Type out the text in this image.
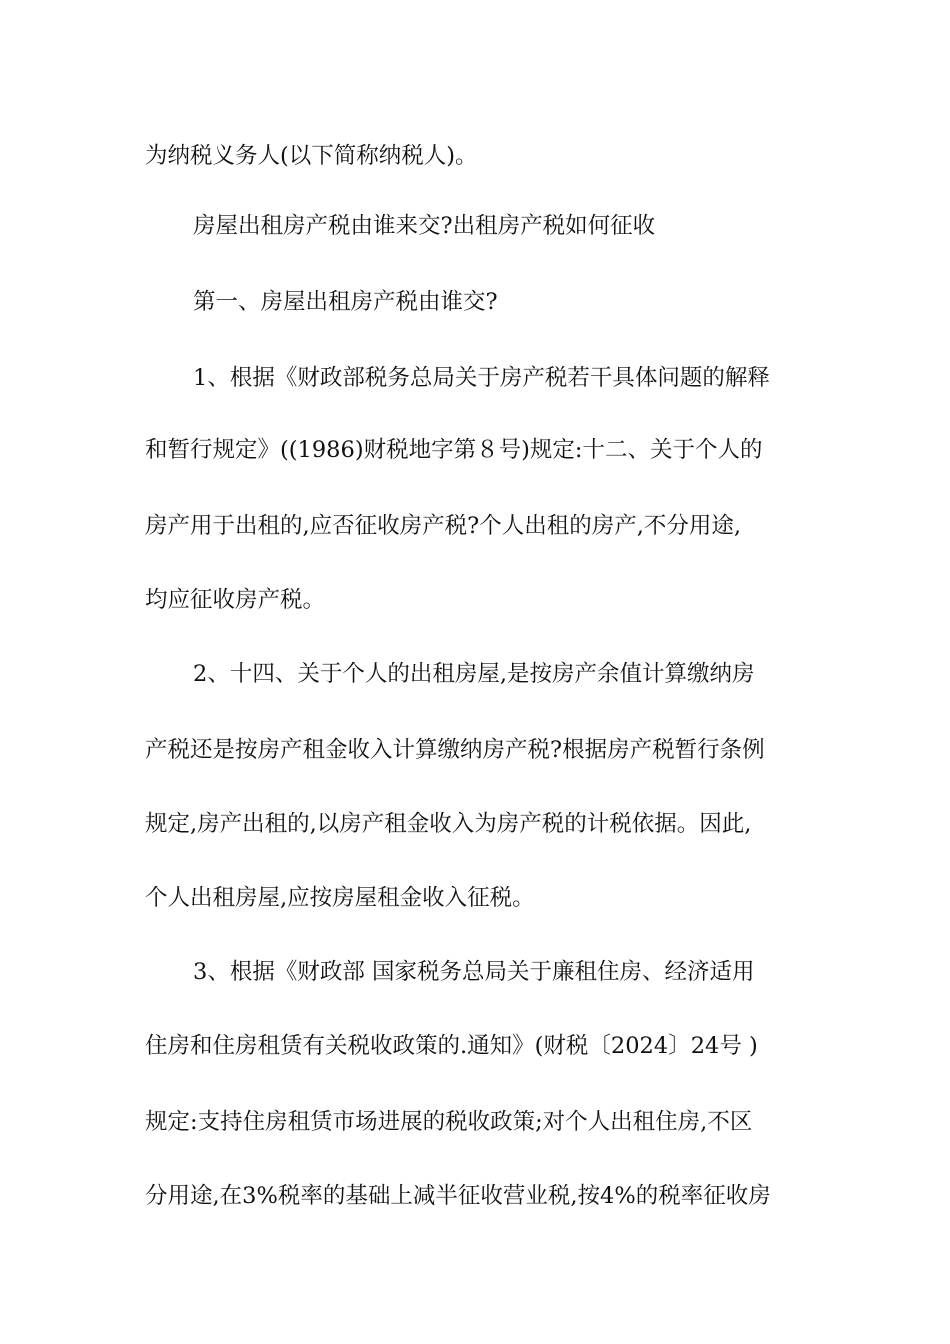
为纳税义务人(以下简称纳税人)。
房屋出租房产税由谁来交?出租房产税如何征收
第一、房屋出租房产税由谁交?
1、根据《财政部税务总局关于房产税若干具体问题的解释
和暂行规定》((1986)财税地字第８号)规定:十二、关于个人的
房产用于出租的,应否征收房产税?个人出租的房产,不分用途,
均应征收房产税。
2、十四、关于个人的出租房屋,是按房产余值计算缴纳房
产税还是按房产租金收入计算缴纳房产税?根据房产税暂行条例
规定,房产出租的,以房产租金收入为房产税的计税依据。因此,
个人出租房屋,应按房屋租金收入征税。
3、根据《财政部 国家税务总局关于廉租住房、经济适用
住房和住房租赁有关税收政策的.通知》(财税〔2024〕24号 )
规定:支持住房租赁市场进展的税收政策;对个人出租住房,不区
分用途,在3%税率的基础上减半征收营业税,按4%的税率征收房
